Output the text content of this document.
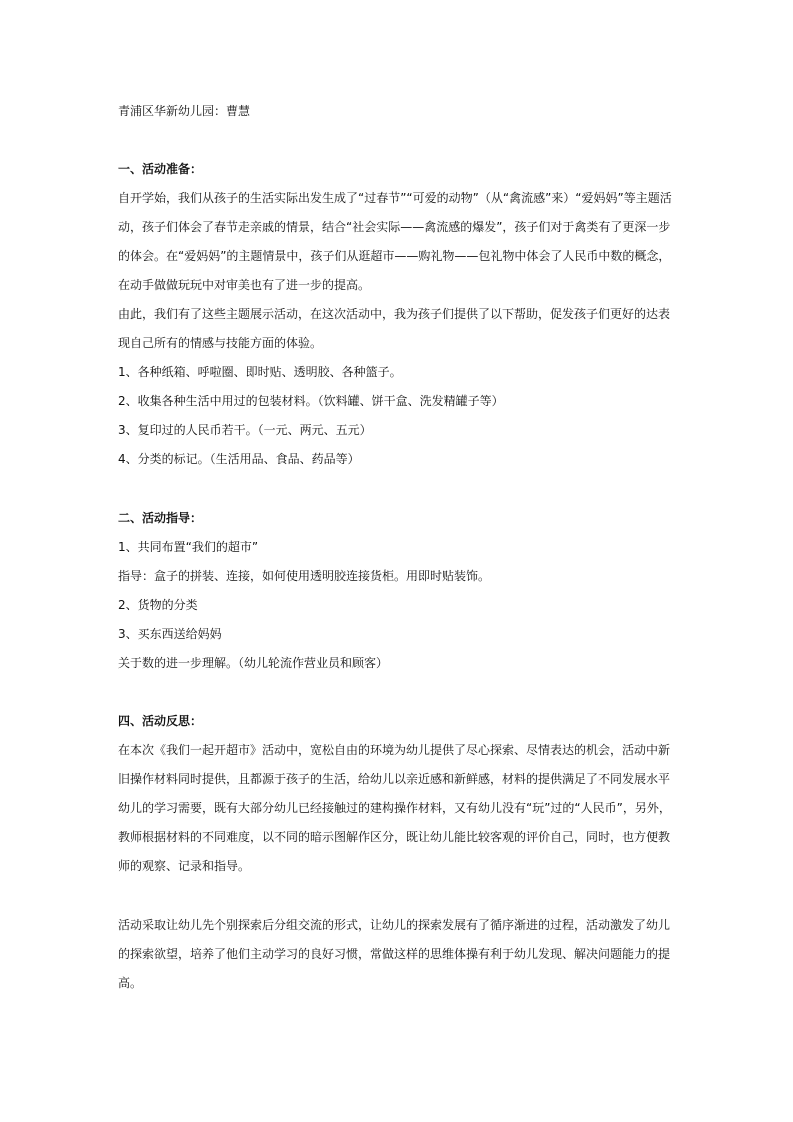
青浦区华新幼儿园：曹慧
一、活动准备：
自开学始，我们从孩子的生活实际出发生成了“过春节”“可爱的动物”（从“禽流感”来）“爱妈妈”等主题活
动，孩子们体会了春节走亲戚的情景，结合“社会实际——禽流感的爆发”，孩子们对于禽类有了更深一步
的体会。在“爱妈妈”的主题情景中，孩子们从逛超市——购礼物——包礼物中体会了人民币中数的概念，
在动手做做玩玩中对审美也有了进一步的提高。
由此，我们有了这些主题展示活动，在这次活动中，我为孩子们提供了以下帮助，促发孩子们更好的达表
现自己所有的情感与技能方面的体验。
1、各种纸箱、呼啦圈、即时贴、透明胶、各种篮子。
2、收集各种生活中用过的包装材料。（饮料罐、饼干盒、洗发精罐子等）
3、复印过的人民币若干。（一元、两元、五元）
4、分类的标记。（生活用品、食品、药品等）
二、活动指导：
1、共同布置“我们的超市”
指导：盒子的拼装、连接，如何使用透明胶连接货柜。用即时贴装饰。
2、货物的分类
3、买东西送给妈妈
关于数的进一步理解。（幼儿轮流作营业员和顾客）
四、活动反思：
在本次《我们一起开超市》活动中，宽松自由的环境为幼儿提供了尽心探索、尽情表达的机会，活动中新
旧操作材料同时提供，且都源于孩子的生活，给幼儿以亲近感和新鲜感，材料的提供满足了不同发展水平
幼儿的学习需要，既有大部分幼儿已经接触过的建构操作材料，又有幼儿没有“玩”过的“人民币”，另外，
教师根据材料的不同难度，以不同的暗示图解作区分，既让幼儿能比较客观的评价自己，同时，也方便教
师的观察、记录和指导。
活动采取让幼儿先个别探索后分组交流的形式，让幼儿的探索发展有了循序渐进的过程，活动激发了幼儿
的探索欲望，培养了他们主动学习的良好习惯，常做这样的思维体操有利于幼儿发现、解决问题能力的提
高。
